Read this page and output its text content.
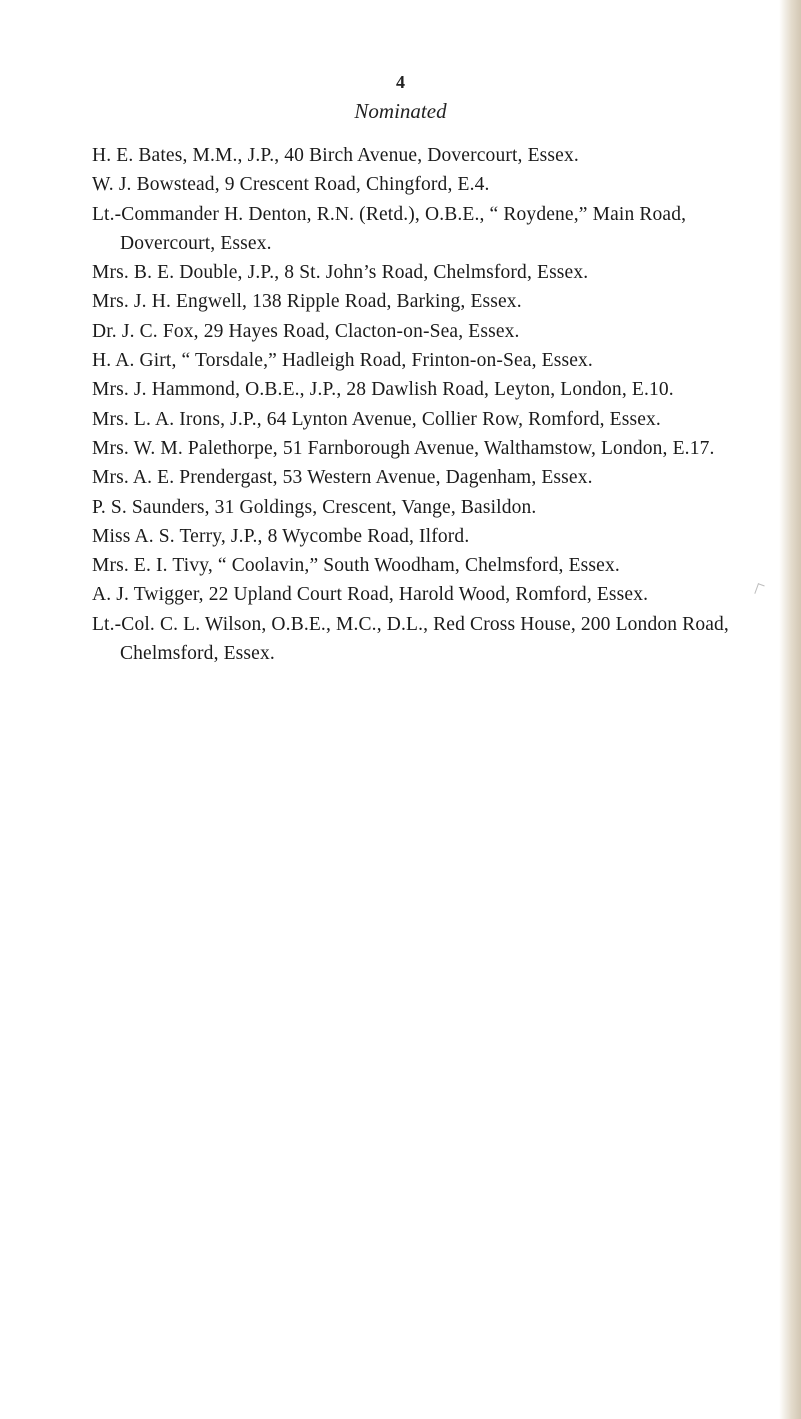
4
Nominated
H. E. Bates, M.M., J.P., 40 Birch Avenue, Dovercourt, Essex.
W. J. Bowstead, 9 Crescent Road, Chingford, E.4.
Lt.-Commander H. Denton, R.N. (Retd.), O.B.E., “ Roydene,” Main Road, Dovercourt, Essex.
Mrs. B. E. Double, J.P., 8 St. John’s Road, Chelmsford, Essex.
Mrs. J. H. Engwell, 138 Ripple Road, Barking, Essex.
Dr. J. C. Fox, 29 Hayes Road, Clacton-on-Sea, Essex.
H. A. Girt, “ Torsdale,” Hadleigh Road, Frinton-on-Sea, Essex.
Mrs. J. Hammond, O.B.E., J.P., 28 Dawlish Road, Leyton, London, E.10.
Mrs. L. A. Irons, J.P., 64 Lynton Avenue, Collier Row, Romford, Essex.
Mrs. W. M. Palethorpe, 51 Farnborough Avenue, Walthamstow, London, E.17.
Mrs. A. E. Prendergast, 53 Western Avenue, Dagenham, Essex.
P. S. Saunders, 31 Goldings, Crescent, Vange, Basildon.
Miss A. S. Terry, J.P., 8 Wycombe Road, Ilford.
Mrs. E. I. Tivy, “ Coolavin,” South Woodham, Chelmsford, Essex.
A. J. Twigger, 22 Upland Court Road, Harold Wood, Romford, Essex.
Lt.-Col. C. L. Wilson, O.B.E., M.C., D.L., Red Cross House, 200 London Road, Chelmsford, Essex.
